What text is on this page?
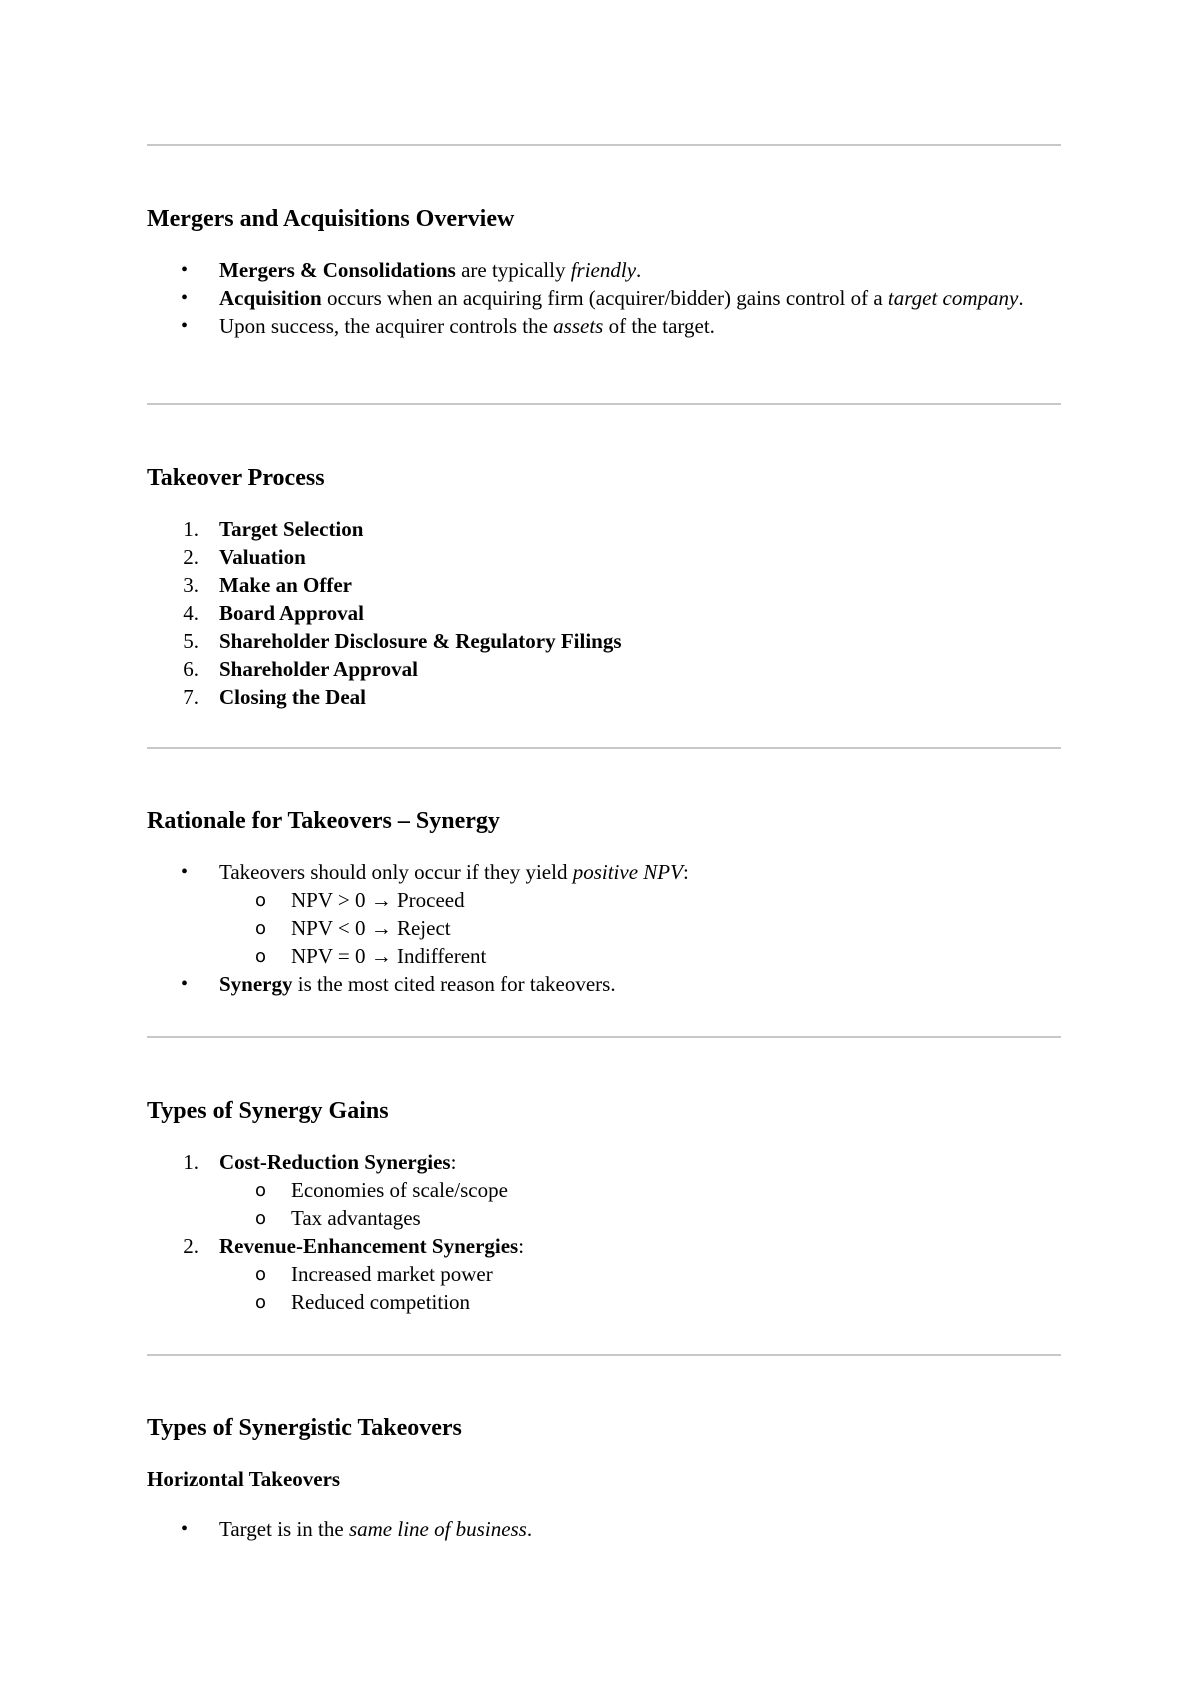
Mergers and Acquisitions Overview
• Mergers & Consolidations are typically friendly.
• Acquisition occurs when an acquiring firm (acquirer/bidder) gains control of a target company.
• Upon success, the acquirer controls the assets of the target.
Takeover Process
1. Target Selection
2. Valuation
3. Make an Offer
4. Board Approval
5. Shareholder Disclosure & Regulatory Filings
6. Shareholder Approval
7. Closing the Deal
Rationale for Takeovers – Synergy
• Takeovers should only occur if they yield positive NPV:
o NPV > 0 → Proceed
o NPV < 0 → Reject
o NPV = 0 → Indifferent
• Synergy is the most cited reason for takeovers.
Types of Synergy Gains
1. Cost-Reduction Synergies:
o Economies of scale/scope
o Tax advantages
2. Revenue-Enhancement Synergies:
o Increased market power
o Reduced competition
Types of Synergistic Takeovers
Horizontal Takeovers
• Target is in the same line of business.
